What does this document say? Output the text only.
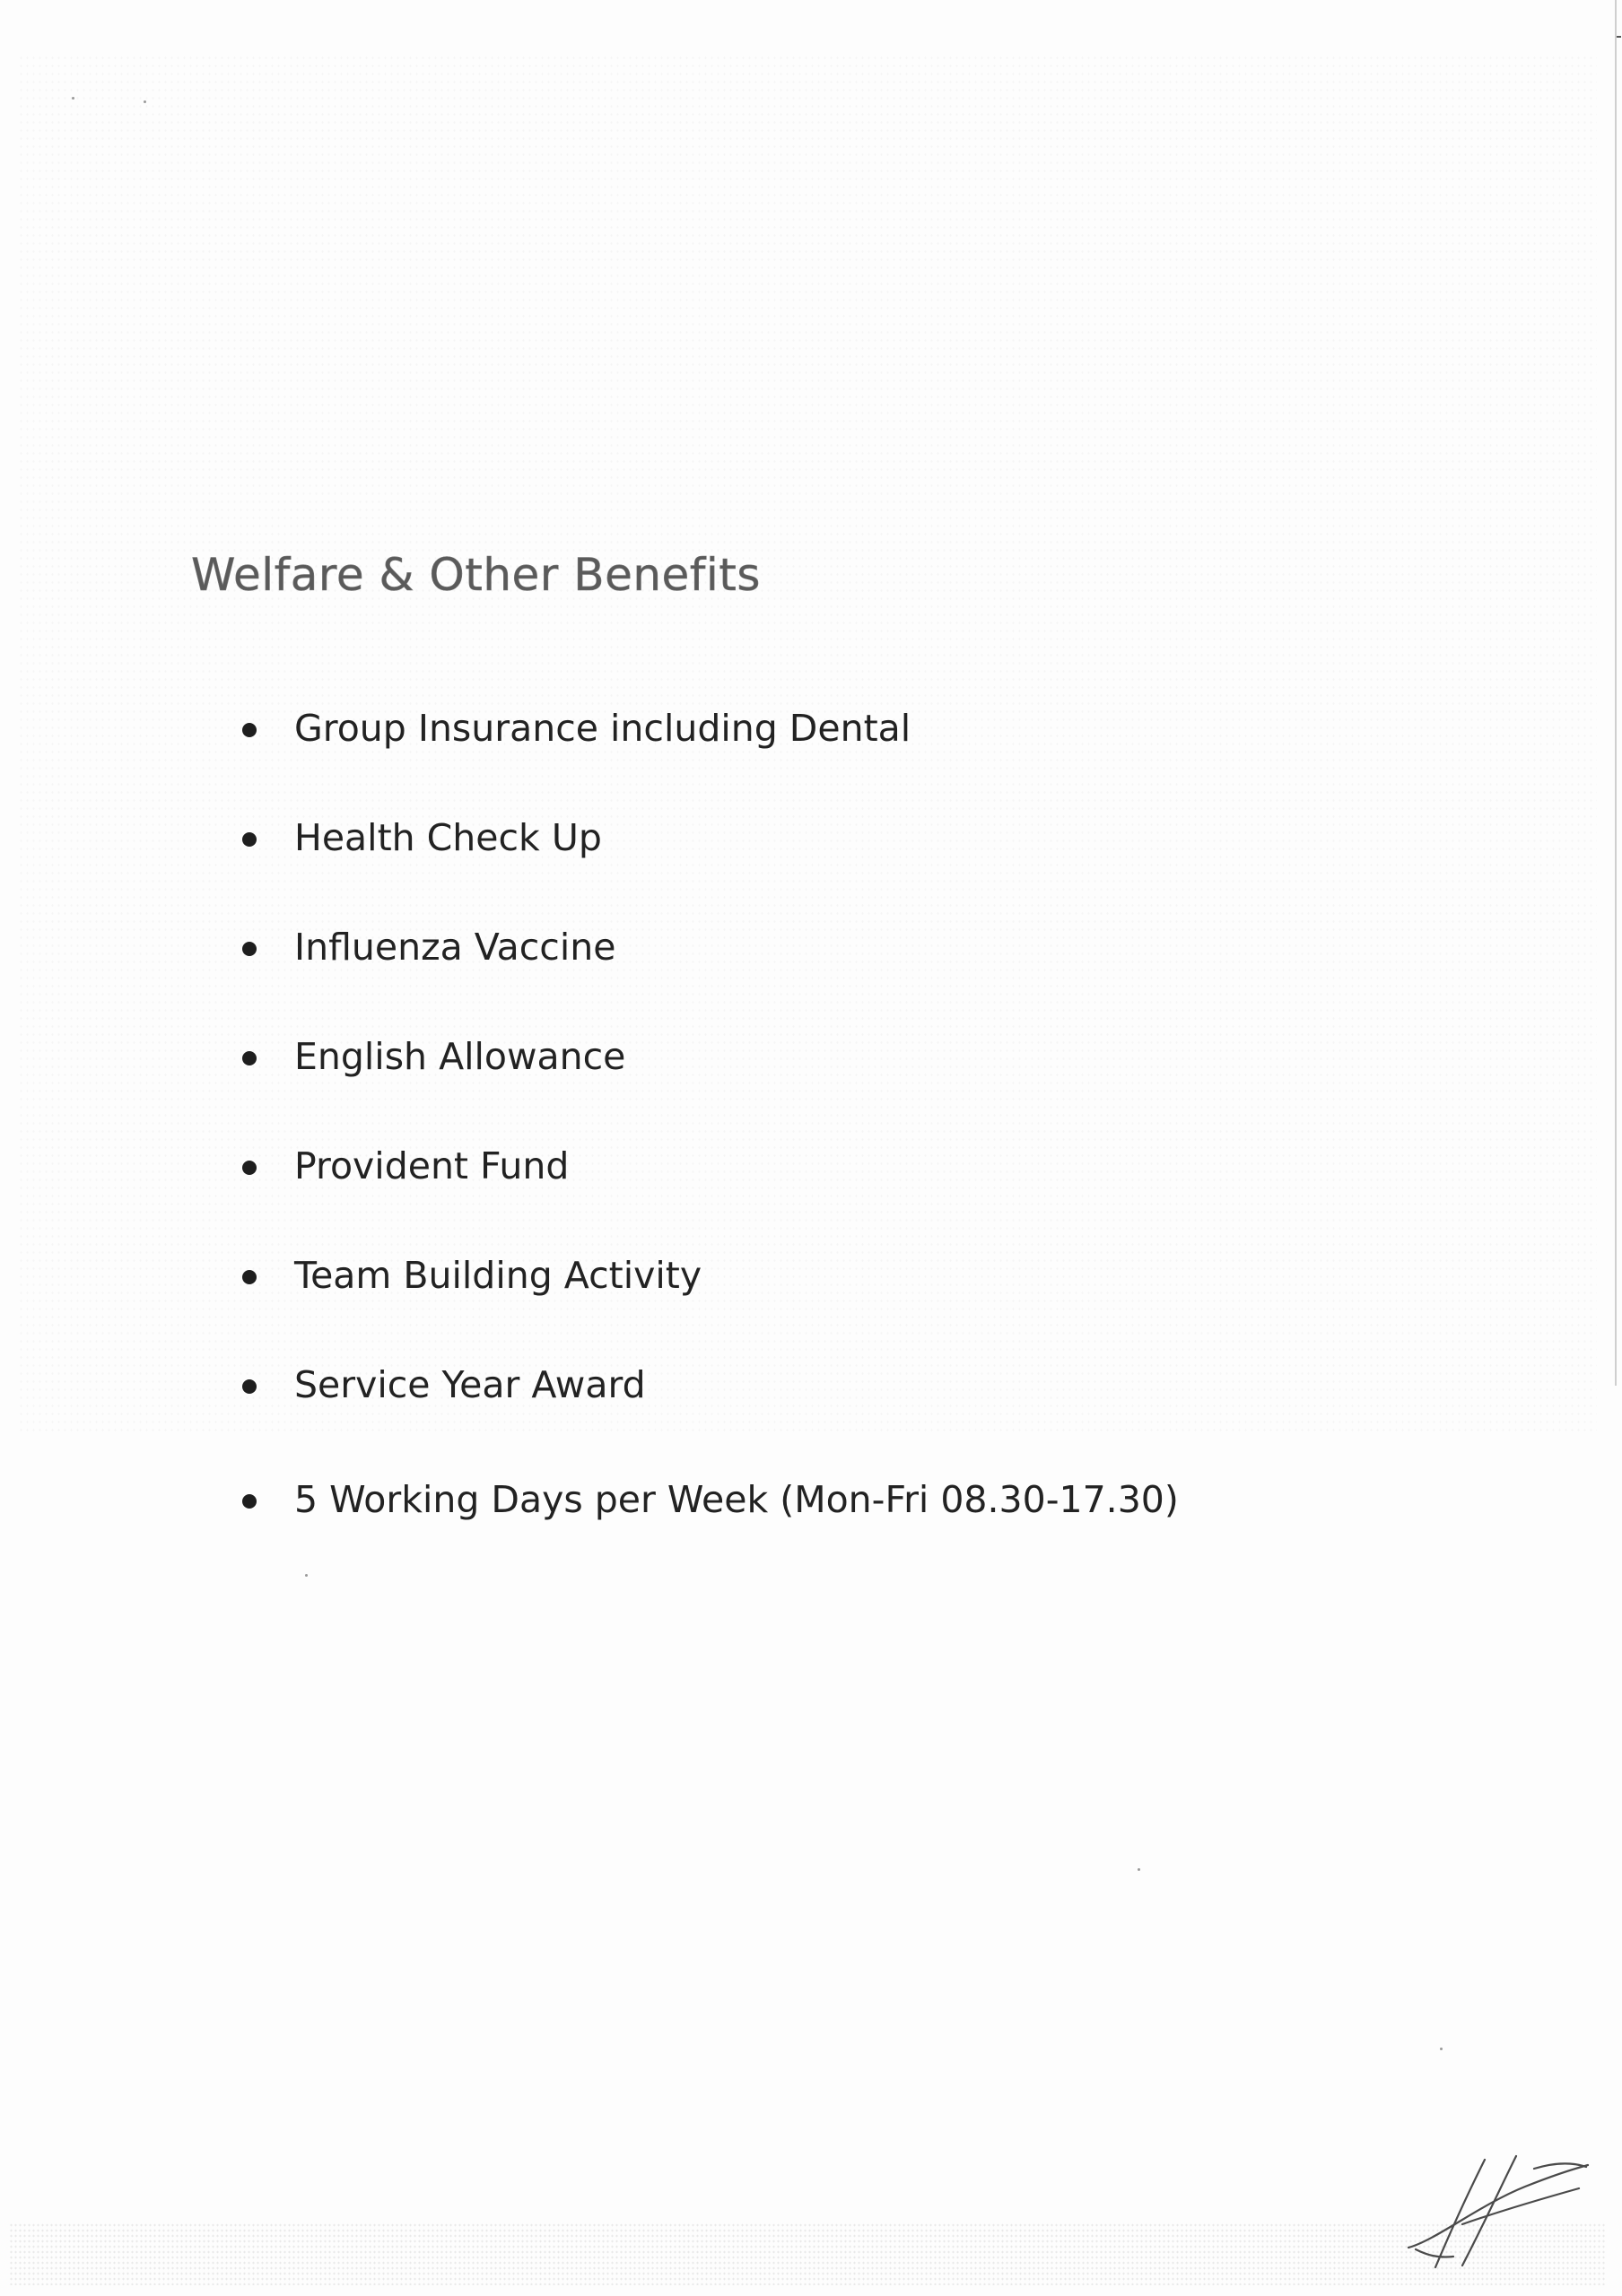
Welfare & Other Benefits
Group Insurance including Dental
Health Check Up
Influenza Vaccine
English Allowance
Provident Fund
Team Building Activity
Service Year Award
5 Working Days per Week (Mon-Fri 08.30-17.30)
